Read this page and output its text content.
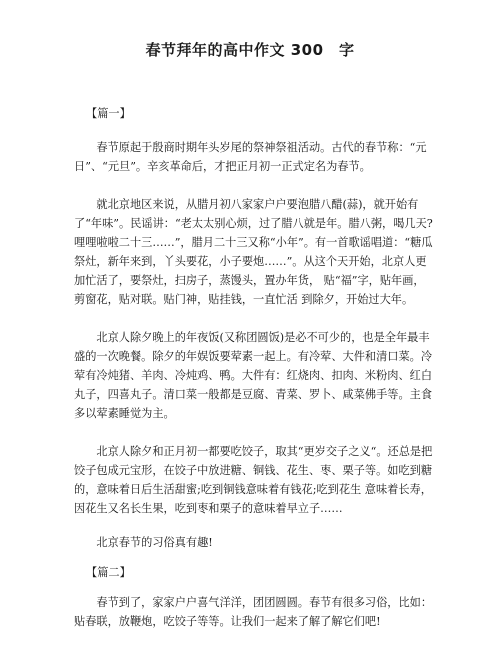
春节拜年的高中作文 300　字

【篇一】

春节原起于殷商时期年头岁尾的祭神祭祖活动。古代的春节称：“元日”、“元旦”。辛亥革命后，才把正月初一正式定名为春节。

就北京地区来说，从腊月初八家家户户要泡腊八醋(蒜)，就开始有了“年味”。民谣讲：“老太太别心烦，过了腊八就是年。腊八粥，喝几天?哩哩啦啦二十三……”，腊月二十三又称“小年”。有一首歌谣唱道：“糖瓜祭灶，新年来到，丫头要花，小子要炮……”。从这个天开始，北京人更加忙活了，要祭灶，扫房子，蒸馒头，置办年货， 贴“福”字，贴年画，剪窗花，贴对联。贴门神，贴挂钱，一直忙活 到除夕，开始过大年。

北京人除夕晚上的年夜饭(又称团圆饭)是必不可少的，也是全年最丰盛的一次晚餐。除夕的年娱饭要荤素一起上。有冷荤、大件和清口菜。冷荤有冷炖猪、羊肉、冷炖鸡、鸭。大件有：红烧肉、扣肉、米粉肉、红白丸子，四喜丸子。清口菜一般都是豆腐、青菜、罗卜、咸菜佛手等。主食多以荤素睡觉为主。

北京人除夕和正月初一都要吃饺子，取其“更岁交子之义“。还总是把饺子包成元宝形，在饺子中放进糖、铜钱、花生、枣、栗子等。如吃到糖的，意味着日后生活甜蜜;吃到铜钱意味着有钱花;吃到花生 意味着长寿，因花生又名长生果，吃到枣和栗子的意味着早立子……

北京春节的习俗真有趣!

【篇二】

春节到了，家家户户喜气洋洋，团团圆圆。春节有很多习俗，比如：贴春联，放鞭炮，吃饺子等等。让我们一起来了解了解它们吧!
